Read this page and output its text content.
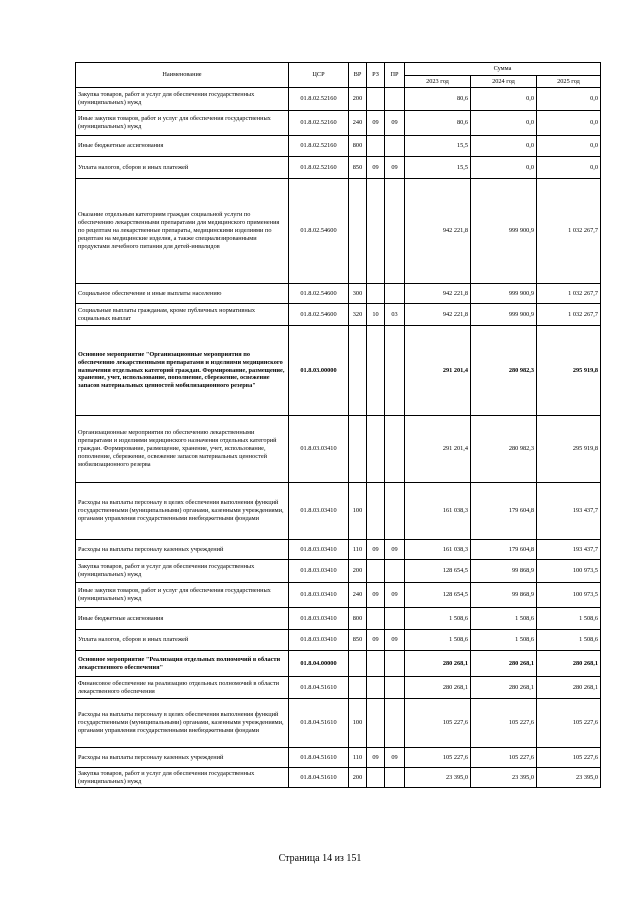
Наименование	ЦСР	ВР	РЗ	ПР	Сумма		
					2023 год	2024 год	2025 год
Закупка товаров, работ и услуг для обеспечения государственных (муниципальных) нужд	01.8.02.52160	200			80,6	0,0	0,0
Иные закупки товаров, работ и услуг для обеспечения государственных (муниципальных) нужд	01.8.02.52160	240	09	09	80,6	0,0	0,0
Иные бюджетные ассигнования	01.8.02.52160	800			15,5	0,0	0,0
Уплата налогов, сборов и иных платежей	01.8.02.52160	850	09	09	15,5	0,0	0,0
Оказание отдельным категориям граждан социальной услуги по обеспечению лекарственными препаратами для медицинского применения по рецептам на лекарственные препараты, медицинскими изделиями по рецептам на медицинские изделия, а также специализированными продуктами лечебного питания для детей-инвалидов	01.8.02.54600				942 221,8	999 900,9	1 032 267,7
Социальное обеспечение и иные выплаты населению	01.8.02.54600	300			942 221,8	999 900,9	1 032 267,7
Социальные выплаты гражданам, кроме публичных нормативных социальных выплат	01.8.02.54600	320	10	03	942 221,8	999 900,9	1 032 267,7
Основное мероприятие "Организационные мероприятия по обеспечению лекарственными препаратами и изделиями медицинского назначения отдельных категорий граждан. Формирование, размещение, хранение, учет, использование, пополнение, сбережение, освежение запасов материальных ценностей мобилизационного резерва"	01.8.03.00000				291 201,4	280 982,3	295 919,8
Организационные мероприятия по обеспечению лекарственными препаратами и изделиями медицинского назначения отдельных категорий граждан. Формирование, размещение, хранение, учет, использование, пополнение, сбережение, освежение запасов материальных ценностей мобилизационного резерва	01.8.03.03410				291 201,4	280 982,3	295 919,8
Расходы на выплаты персоналу в целях обеспечения выполнения функций государственными (муниципальными) органами, казенными учреждениями, органами управления государственными внебюджетными фондами	01.8.03.03410	100			161 038,3	179 604,8	193 437,7
Расходы на выплаты персоналу казенных учреждений	01.8.03.03410	110	09	09	161 038,3	179 604,8	193 437,7
Закупка товаров, работ и услуг для обеспечения государственных (муниципальных) нужд	01.8.03.03410	200			128 654,5	99 868,9	100 973,5
Иные закупки товаров, работ и услуг для обеспечения государственных (муниципальных) нужд	01.8.03.03410	240	09	09	128 654,5	99 868,9	100 973,5
Иные бюджетные ассигнования	01.8.03.03410	800			1 508,6	1 508,6	1 508,6
Уплата налогов, сборов и иных платежей	01.8.03.03410	850	09	09	1 508,6	1 508,6	1 508,6
Основное мероприятие "Реализация отдельных полномочий в области лекарственного обеспечения"	01.8.04.00000				280 268,1	280 268,1	280 268,1
Финансовое обеспечение на реализацию отдельных полномочий в области лекарственного обеспечения	01.8.04.51610				280 268,1	280 268,1	280 268,1
Расходы на выплаты персоналу в целях обеспечения выполнения функций государственными (муниципальными) органами, казенными учреждениями, органами управления государственными внебюджетными фондами	01.8.04.51610	100			105 227,6	105 227,6	105 227,6
Расходы на выплаты персоналу казенных учреждений	01.8.04.51610	110	09	09	105 227,6	105 227,6	105 227,6
Закупка товаров, работ и услуг для обеспечения государственных (муниципальных) нужд	01.8.04.51610	200			23 395,0	23 395,0	23 395,0
Страница 14 из 151
